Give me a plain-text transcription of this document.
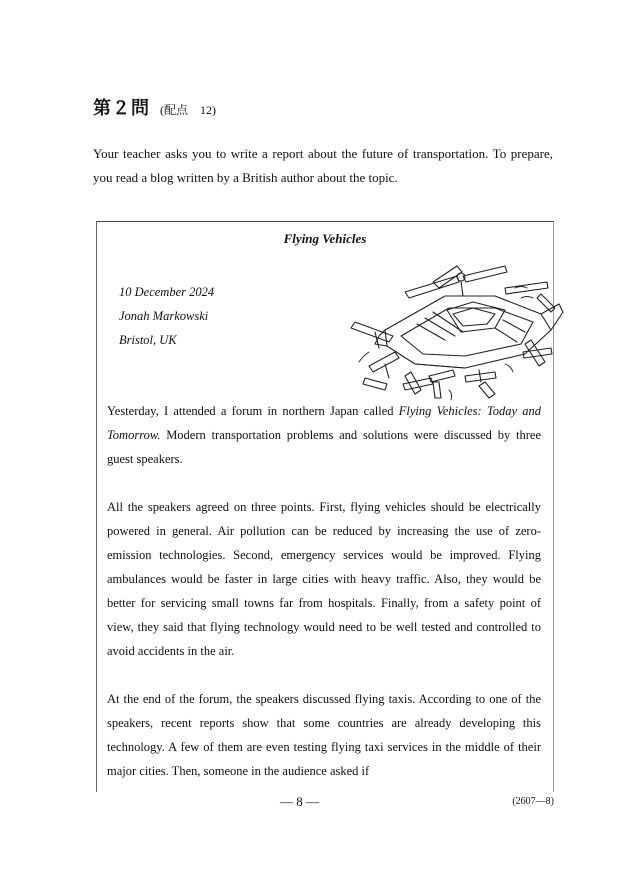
第２問 (配点　12)
Your teacher asks you to write a report about the future of transportation. To prepare, you read a blog written by a British author about the topic.
Flying Vehicles
10 December 2024
Jonah Markowski
Bristol, UK
Yesterday, I attended a forum in northern Japan called Flying Vehicles: Today and Tomorrow. Modern transportation problems and solutions were discussed by three guest speakers.
All the speakers agreed on three points. First, flying vehicles should be electrically powered in general. Air pollution can be reduced by increasing the use of zero-emission technologies. Second, emergency services would be improved. Flying ambulances would be faster in large cities with heavy traffic. Also, they would be better for servicing small towns far from hospitals. Finally, from a safety point of view, they said that flying technology would need to be well tested and controlled to avoid accidents in the air.
At the end of the forum, the speakers discussed flying taxis. According to one of the speakers, recent reports show that some countries are already developing this technology. A few of them are even testing flying taxi services in the middle of their major cities. Then, someone in the audience asked if
— 8 —	(2607—8)
